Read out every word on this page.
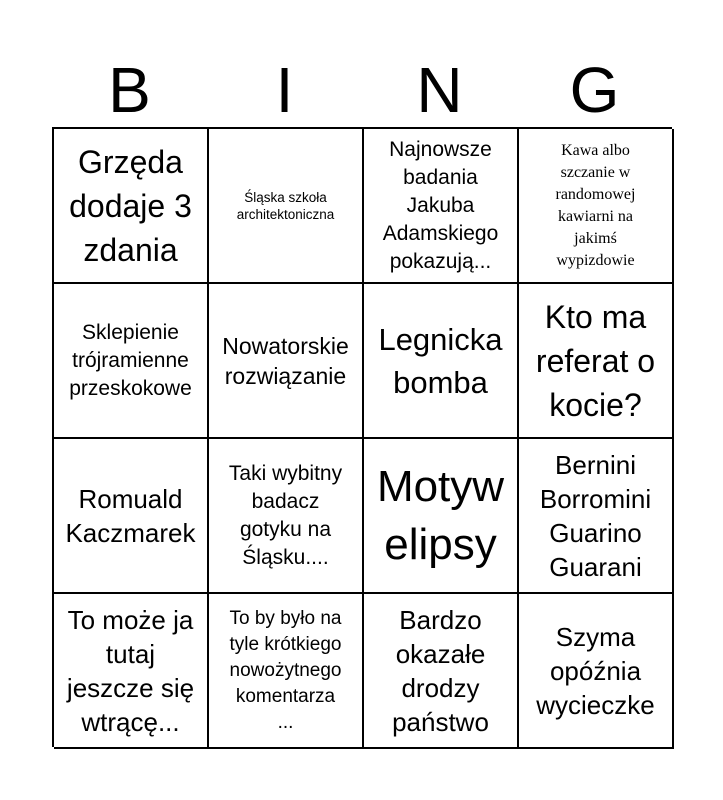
B	I	N	G
Grzęda
dodaje 3
zdania
Śląska szkoła
architektoniczna
Najnowsze
badania
Jakuba
Adamskiego
pokazują...
Kawa albo
szczanie w
randomowej
kawiarni na
jakimś
wypizdowie
Sklepienie
trójramienne
przeskokowe
Nowatorskie
rozwiązanie
Legnicka
bomba
Kto ma
referat o
kocie?
Romuald
Kaczmarek
Taki wybitny
badacz
gotyku na
Śląsku....
Motyw
elipsy
Bernini
Borromini
Guarino
Guarani
To może ja
tutaj
jeszcze się
wtrącę...
To by było na
tyle krótkiego
nowożytnego
komentarza
...
Bardzo
okazałe
drodzy
państwo
Szyma
opóźnia
wycieczke
